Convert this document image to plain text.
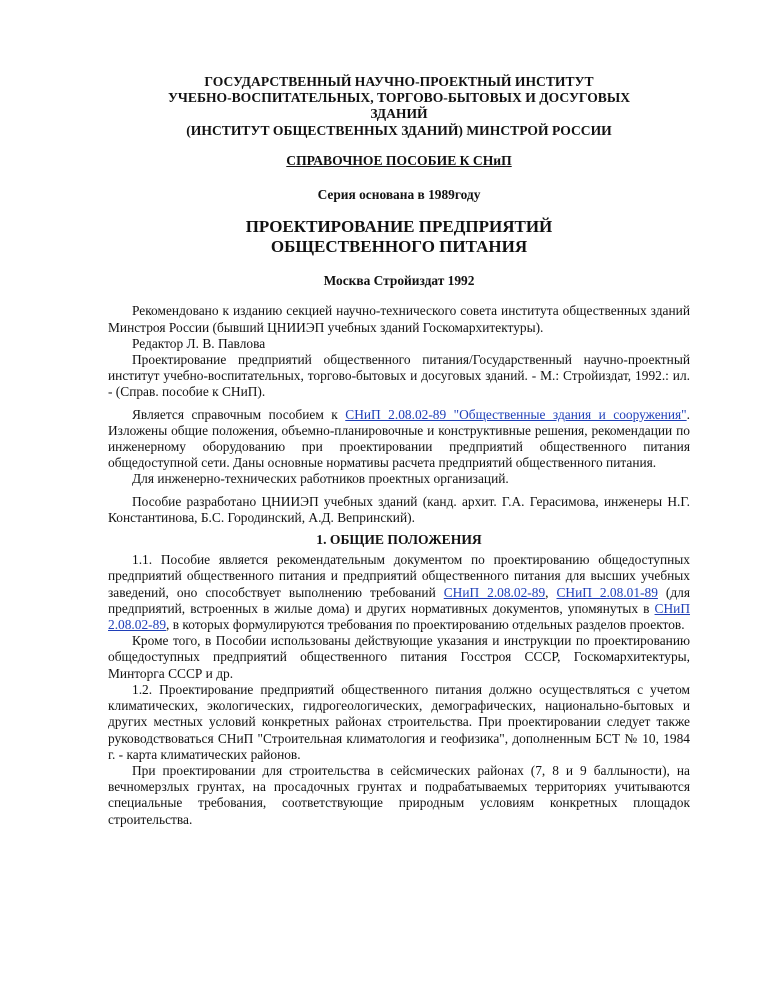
ГОСУДАРСТВЕННЫЙ НАУЧНО-ПРОЕКТНЫЙ ИНСТИТУТ

УЧЕБНО-ВОСПИТАТЕЛЬНЫХ, ТОРГОВО-БЫТОВЫХ И ДОСУГОВЫХ

ЗДАНИЙ

(ИНСТИТУТ ОБЩЕСТВЕННЫХ ЗДАНИЙ) МИНСТРОЙ РОССИИ

СПРАВОЧНОЕ ПОСОБИЕ К СНиП

Серия основана в 1989году

ПРОЕКТИРОВАНИЕ ПРЕДПРИЯТИЙ

ОБЩЕСТВЕННОГО ПИТАНИЯ

Москва Стройиздат 1992

Рекомендовано к изданию секцией научно-технического совета института общественных зданий Минстроя России (бывший ЦНИИЭП учебных зданий Госкомархитектуры).

Редактор Л. В. Павлова

Проектирование предприятий общественного питания/Государственный научно-проектный институт учебно-воспитательных, торгово-бытовых и досуговых зданий. - М.: Стройиздат, 1992.: ил. - (Справ. пособие к СНиП).

Является справочным пособием к СНиП 2.08.02-89 "Общественные здания и сооружения". Изложены общие положения, объемно-планировочные и конструктивные решения, рекомендации по инженерному оборудованию при проектировании предприятий общественного питания общедоступной сети. Даны основные нормативы расчета предприятий общественного питания.

Для инженерно-технических работников проектных организаций.

Пособие разработано ЦНИИЭП учебных зданий (канд. архит. Г.А. Герасимова, инженеры Н.Г. Константинова, Б.С. Городинский, А.Д. Вепринский).

1. ОБЩИЕ ПОЛОЖЕНИЯ

1.1. Пособие является рекомендательным документом по проектированию общедоступных предприятий общественного питания и предприятий общественного питания для высших учебных заведений, оно способствует выполнению требований СНиП 2.08.02-89, СНиП 2.08.01-89 (для предприятий, встроенных в жилые дома) и других нормативных документов, упомянутых в СНиП 2.08.02-89, в которых формулируются требования по проектированию отдельных разделов проектов.

Кроме того, в Пособии использованы действующие указания и инструкции по проектированию общедоступных предприятий общественного питания Госстроя СССР, Госкомархитектуры, Минторга СССР и др.

1.2. Проектирование предприятий общественного питания должно осуществляться с учетом климатических, экологических, гидрогеологических, демографических, национально-бытовых и других местных условий конкретных районах строительства. При проектировании следует также руководствоваться СНиП "Строительная климатология и геофизика", дополненным БСТ № 10, 1984 г. - карта климатических районов.

При проектировании для строительства в сейсмических районах (7, 8 и 9 баллыности), на вечномерзлых грунтах, на просадочных грунтах и подрабатываемых территориях учитываются специальные требования, соответствующие природным условиям конкретных площадок строительства.
